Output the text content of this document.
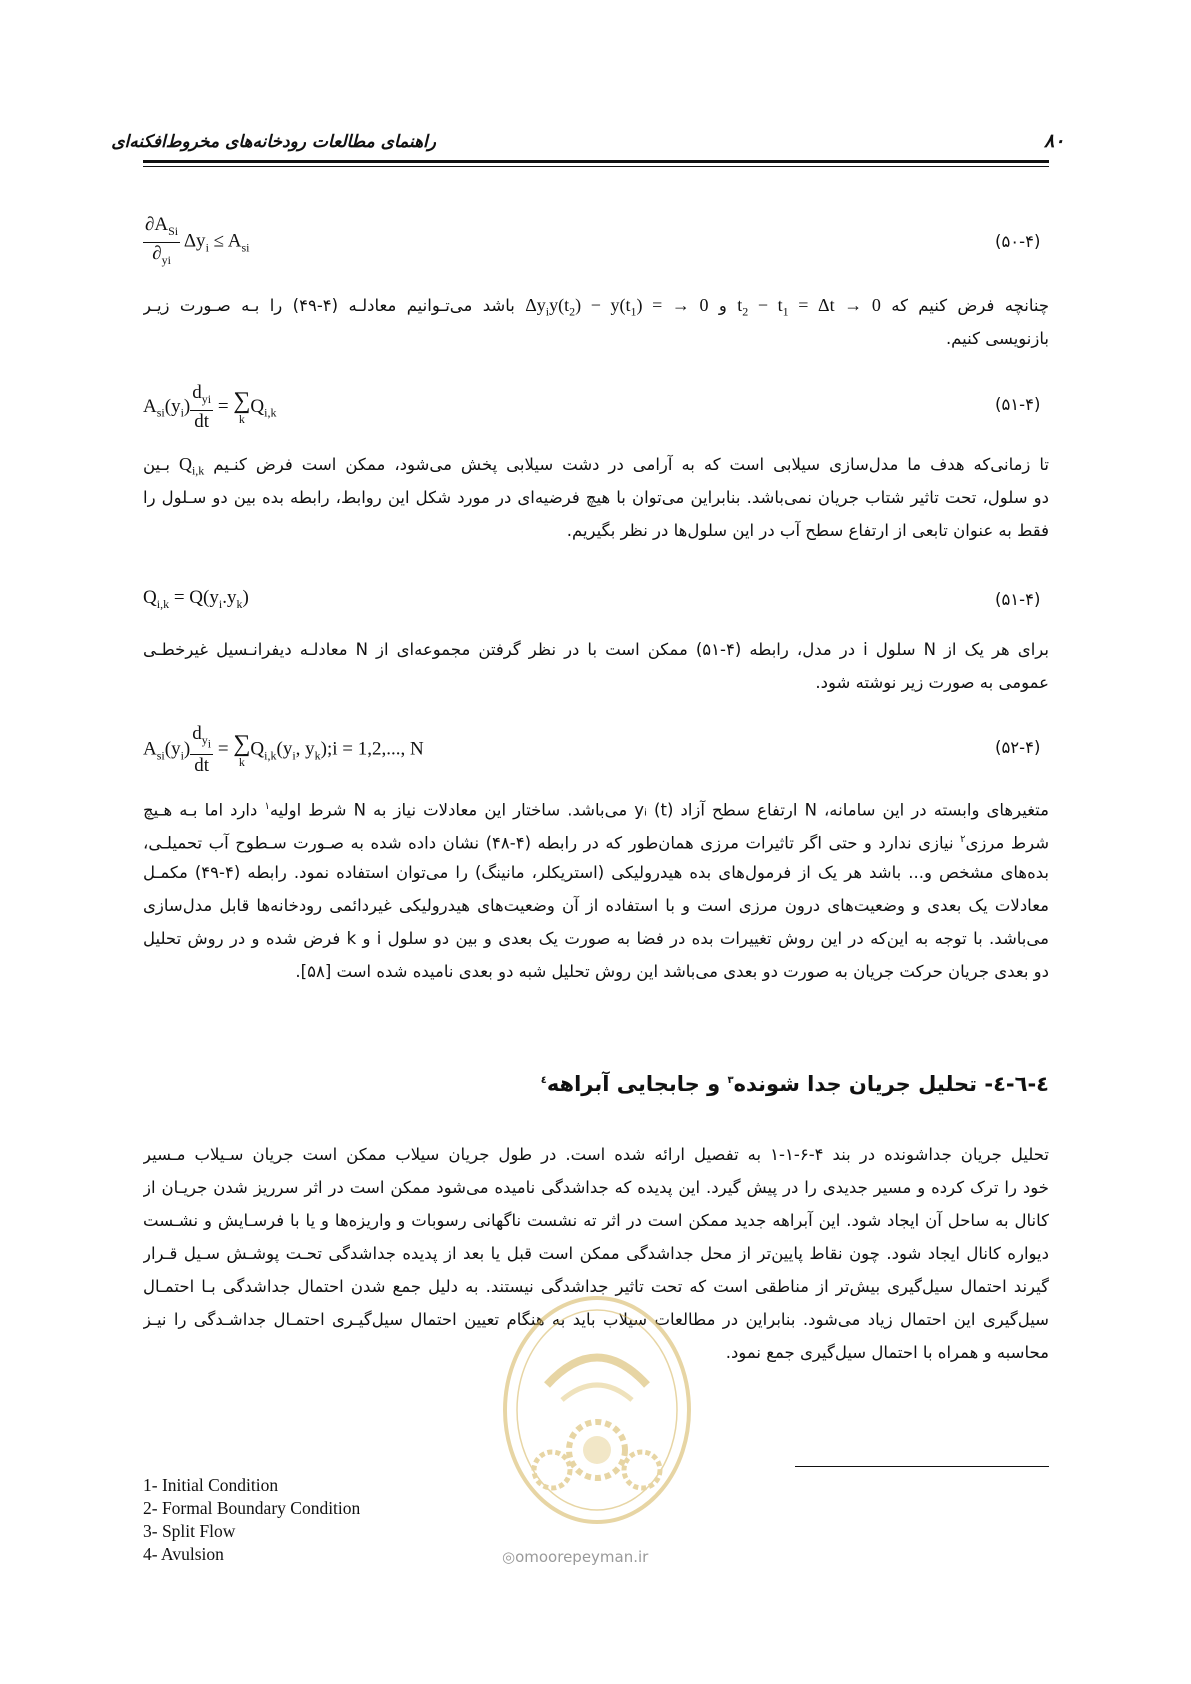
راهنمای مطالعات رودخانه‌های مخروط‌افکنه‌ای	۸۰
$\frac{\partial A_{Si}}{\partial_{yi}} \Delta y_i \le A_{si}$	(۵۰-۴)
چنانچه فرض کنیم که $t_2 - t_1 = \Delta t \to 0$ و $\Delta y_iy(t_2) - y(t_1)$ = → 0 باشد می‌تـوانیم معادلـه (۴-۴۹) را بـه صـورت زیـر
بازنویسی کنیم.
$A_{si}(y_i) \frac{d_{yi}}{dt}$ = ∑
k
$Q_{i,k}$	(۵۱-۴)
تا زمانی‌که هدف ما مدل‌سازی سیلابی است که به آرامی در دشت سیلابی پخش می‌شود، ممکن است فرض کنـیم $Q_{i,k}$ بـین
دو سلول، تحت تاثیر شتاب جریان نمی‌باشد. بنابراین می‌توان با هیچ فرضیه‌ای در مورد شکل این روابط، رابطه بده بین دو سـلول را
فقط به عنوان تابعی از ارتفاع سطح آب در این سلول‌ها در نظر بگیریم.
$Q_{i,k} = Q(y_i.y_k)$	(۵۱-۴)
برای هر یک از N سلول i در مدل، رابطه (۴-۵۱) ممکن است با در نظر گرفتن مجموعه‌ای از N معادلـه دیفرانـسیل غیرخطـی
عمومی به صورت زیر نوشته شود.
$A_{si}(y_i) \frac{d_{yi}}{dt}$ = ∑
k
$Q_{i,k}(y_i$, $y_k);i = 1,2$,..., N	(۵۲-۴)
متغیرهای وابسته در این سامانه، N ارتفاع سطح آزاد (t) yᵢ می‌باشد. ساختار این معادلات نیاز به N شرط اولیه$^۱$ دارد اما بـه هـیچ
شرط مرزی$^۲$ نیازی ندارد و حتی اگر تاثیرات مرزی همان‌طور که در رابطه (۴-۴۸) نشان داده شده به صـورت سـطوح آب تحمیلـی،
بده‌های مشخص و... باشد هر یک از فرمول‌های بده هیدرولیکی (استریکلر، مانینگ) را می‌توان استفاده نمود. رابطه (۴-۴۹) مکمـل
معادلات یک بعدی و وضعیت‌های درون مرزی است و با استفاده از آن وضعیت‌های هیدرولیکی غیردائمی رودخانه‌ها قابل مدل‌سازی
می‌باشد. با توجه به این‌که در این روش تغییرات بده در فضا به صورت یک بعدی و بین دو سلول i و k فرض شده و در روش تحلیل
دو بعدی جریان حرکت جریان به صورت دو بعدی می‌باشد این روش تحلیل شبه دو بعدی نامیده شده است [۵۸].
٤-٦-٤- تحلیل جریان جدا شونده$^۳$ و جابجایی آبراهه$^٤$
تحلیل جریان جداشونده در بند ۴-۶-۱-۱ به تفصیل ارائه شده است. در طول جریان سیلاب ممکن است جریان سـیلاب مـسیر
خود را ترک کرده و مسیر جدیدی را در پیش گیرد. این پدیده که جداشدگی نامیده می‌شود ممکن است در اثر سرریز شدن جریـان از
کانال به ساحل آن ایجاد شود. این آبراهه جدید ممکن است در اثر ته نشست ناگهانی رسوبات و واریزه‌ها و یا با فرسـایش و نشـست
دیواره کانال ایجاد شود. چون نقاط پایین‌تر از محل جداشدگی ممکن است قبل یا بعد از پدیده جداشدگی تحـت پوشـش سـیل قـرار
گیرند احتمال سیل‌گیری بیش‌تر از مناطقی است که تحت تاثیر جداشدگی نیستند. به دلیل جمع شدن احتمال جداشدگی بـا احتمـال
سیل‌گیری این احتمال زیاد می‌شود. بنابراین در مطالعات سیلاب باید به هنگام تعیین احتمال سیل‌گیـری احتمـال جداشـدگی را نیـز
محاسبه و همراه با احتمال سیل‌گیری جمع نمود.
◎omoorepeyman.ir
1- Initial Condition
2- Formal Boundary Condition
3- Split Flow
4- Avulsion
